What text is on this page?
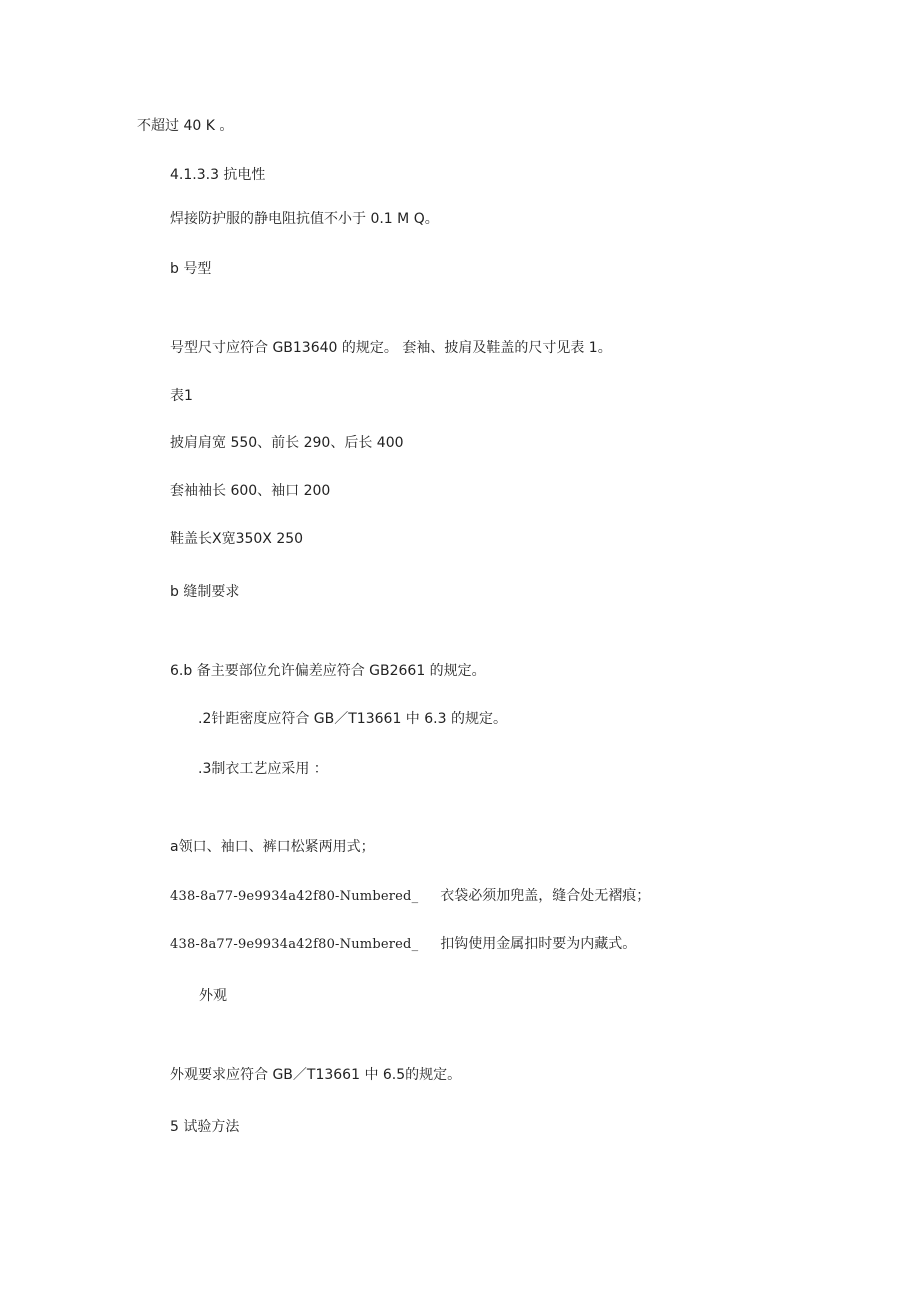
不超过 40 K 。
4.1.3.3 抗电性
焊接防护服的静电阻抗值不小于 0.1 M Q。
b 号型
号型尺寸应符合 GB13640 的规定。 套袖、披肩及鞋盖的尺寸见表 1。
表1
披肩肩宽 550、前长 290、后长 400
套袖袖长 600、袖口 200
鞋盖长X宽350X 250
b 缝制要求
6.b 备主要部位允许偏差应符合 GB2661 的规定。
.2针距密度应符合 GB／T13661 中 6.3 的规定。
.3制衣工艺应采用 ：
a领口、袖口、裤口松紧两用式；
438-8a77-9e9934a42f80-Numbered_ 衣袋必须加兜盖，缝合处无褶痕；
438-8a77-9e9934a42f80-Numbered_ 扣钩使用金属扣时要为内藏式。
外观
外观要求应符合 GB／T13661 中 6.5的规定。
5 试验方法
